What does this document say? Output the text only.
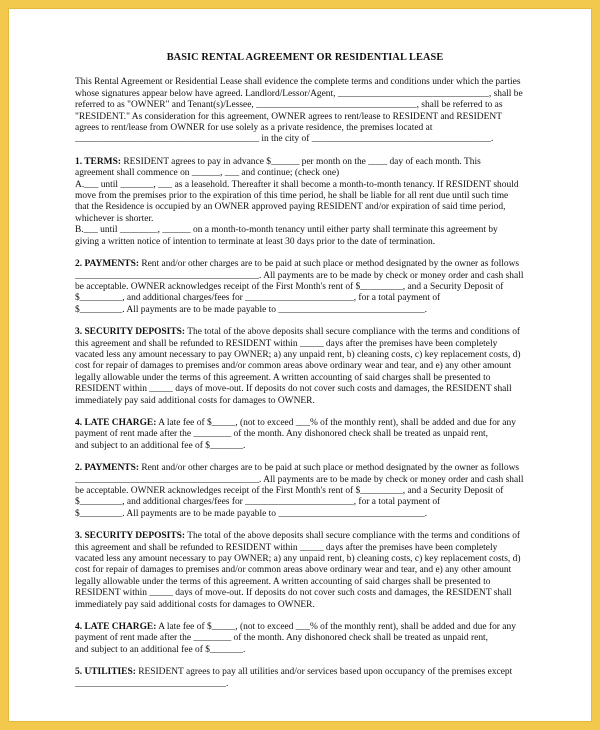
BASIC RENTAL AGREEMENT OR RESIDENTIAL LEASE
This Rental Agreement or Residential Lease shall evidence the complete terms and conditions under which the parties
whose signatures appear below have agreed. Landlord/Lessor/Agent, ________________________________, shall be
referred to as "OWNER" and Tenant(s)/Lessee, __________________________________, shall be referred to as
"RESIDENT." As consideration for this agreement, OWNER agrees to rent/lease to RESIDENT and RESIDENT
agrees to rent/lease from OWNER for use solely as a private residence, the premises located at
_______________________________________ in the city of ______________________________________.
1. TERMS: RESIDENT agrees to pay in advance $______ per month on the ____ day of each month. This
agreement shall commence on ______, ___ and continue; (check one)
A.___ until _______, ___ as a leasehold. Thereafter it shall become a month-to-month tenancy. If RESIDENT should
move from the premises prior to the expiration of this time period, he shall be liable for all rent due until such time
that the Residence is occupied by an OWNER approved paying RESIDENT and/or expiration of said time period,
whichever is shorter.
B.___ until ________, ______ on a month-to-month tenancy until either party shall terminate this agreement by
giving a written notice of intention to terminate at least 30 days prior to the date of termination.
2. PAYMENTS: Rent and/or other charges are to be paid at such place or method designated by the owner as follows
_______________________________________. All payments are to be made by check or money order and cash shall
be acceptable. OWNER acknowledges receipt of the First Month's rent of $_________, and a Security Deposit of
$_________, and additional charges/fees for _______________________, for a total payment of
$_________. All payments are to be made payable to _______________________________.
3. SECURITY DEPOSITS: The total of the above deposits shall secure compliance with the terms and conditions of
this agreement and shall be refunded to RESIDENT within _____ days after the premises have been completely
vacated less any amount necessary to pay OWNER; a) any unpaid rent, b) cleaning costs, c) key replacement costs, d)
cost for repair of damages to premises and/or common areas above ordinary wear and tear, and e) any other amount
legally allowable under the terms of this agreement. A written accounting of said charges shall be presented to
RESIDENT within _____ days of move-out. If deposits do not cover such costs and damages, the RESIDENT shall
immediately pay said additional costs for damages to OWNER.
4. LATE CHARGE: A late fee of $_____, (not to exceed ___% of the monthly rent), shall be added and due for any
payment of rent made after the ________ of the month. Any dishonored check shall be treated as unpaid rent,
and subject to an additional fee of $_______.
2. PAYMENTS: Rent and/or other charges are to be paid at such place or method designated by the owner as follows
_______________________________________. All payments are to be made by check or money order and cash shall
be acceptable. OWNER acknowledges receipt of the First Month's rent of $_________, and a Security Deposit of
$_________, and additional charges/fees for _______________________, for a total payment of
$_________. All payments are to be made payable to _______________________________.
3. SECURITY DEPOSITS: The total of the above deposits shall secure compliance with the terms and conditions of
this agreement and shall be refunded to RESIDENT within _____ days after the premises have been completely
vacated less any amount necessary to pay OWNER; a) any unpaid rent, b) cleaning costs, c) key replacement costs, d)
cost for repair of damages to premises and/or common areas above ordinary wear and tear, and e) any other amount
legally allowable under the terms of this agreement. A written accounting of said charges shall be presented to
RESIDENT within _____ days of move-out. If deposits do not cover such costs and damages, the RESIDENT shall
immediately pay said additional costs for damages to OWNER.
4. LATE CHARGE: A late fee of $_____, (not to exceed ___% of the monthly rent), shall be added and due for any
payment of rent made after the ________ of the month. Any dishonored check shall be treated as unpaid rent,
and subject to an additional fee of $_______.
5. UTILITIES: RESIDENT agrees to pay all utilities and/or services based upon occupancy of the premises except
________________________________.
